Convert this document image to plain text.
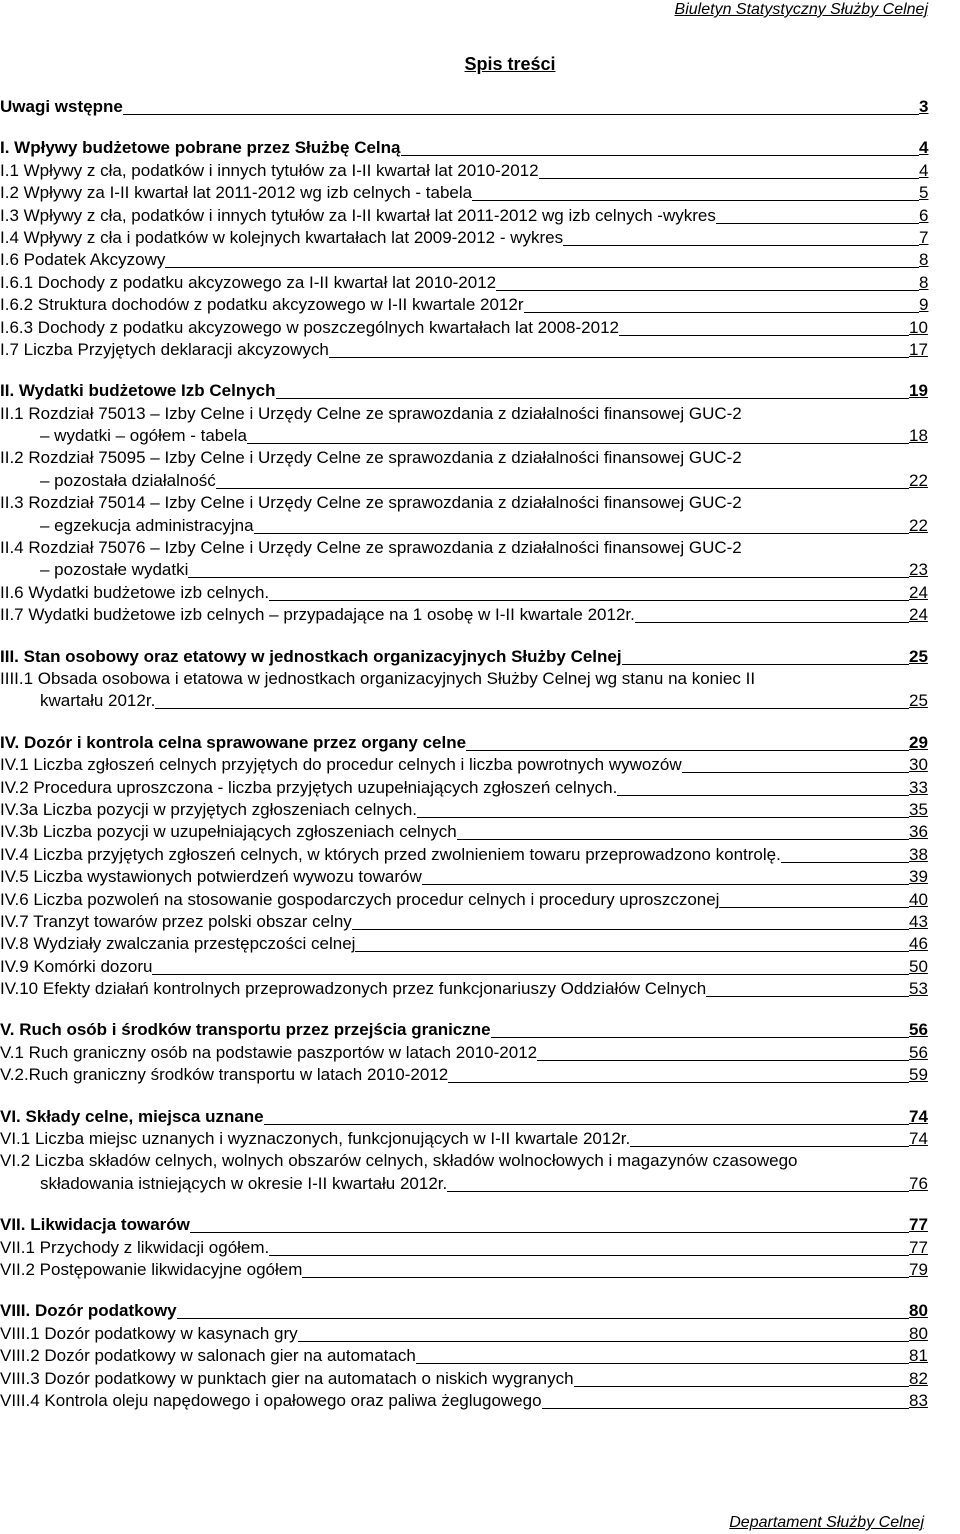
Biuletyn Statystyczny Służby Celnej
Spis treści
Uwagi wstępne	3
I. Wpływy budżetowe pobrane przez Służbę Celną	4
I.1 Wpływy z cła, podatków i innych tytułów za I-II kwartał lat 2010-2012	4
I.2 Wpływy za I-II kwartał lat 2011-2012 wg izb celnych - tabela	5
I.3 Wpływy z cła, podatków i innych tytułów za I-II kwartał lat 2011-2012 wg izb celnych -wykres	6
I.4 Wpływy z cła i podatków w kolejnych kwartałach lat 2009-2012 - wykres	7
I.6 Podatek Akcyzowy	8
I.6.1 Dochody z podatku akcyzowego za I-II kwartał lat 2010-2012	8
I.6.2 Struktura dochodów z podatku akcyzowego w I-II kwartale 2012r	9
I.6.3 Dochody z podatku akcyzowego w poszczególnych kwartałach lat 2008-2012	10
I.7 Liczba Przyjętych deklaracji akcyzowych	17
II. Wydatki budżetowe Izb Celnych	19
II.1 Rozdział 75013 – Izby Celne i Urzędy Celne ze sprawozdania z działalności finansowej GUC-2
– wydatki – ogółem - tabela	18
II.2 Rozdział 75095 – Izby Celne i Urzędy Celne ze sprawozdania z działalności finansowej GUC-2
– pozostała działalność	22
II.3 Rozdział 75014 – Izby Celne i Urzędy Celne ze sprawozdania z działalności finansowej GUC-2
– egzekucja administracyjna	22
II.4 Rozdział 75076 – Izby Celne i Urzędy Celne ze sprawozdania z działalności finansowej GUC-2
– pozostałe wydatki	23
II.6 Wydatki budżetowe izb celnych.	24
II.7 Wydatki budżetowe izb celnych – przypadające na 1 osobę w I-II kwartale 2012r.	24
III. Stan osobowy oraz etatowy w jednostkach organizacyjnych Służby Celnej	25
IIII.1 Obsada osobowa i etatowa w jednostkach organizacyjnych Służby Celnej wg stanu na koniec II
kwartału 2012r.	25
IV. Dozór i kontrola celna sprawowane przez organy celne	29
IV.1 Liczba zgłoszeń celnych przyjętych do procedur celnych i liczba powrotnych wywozów	30
IV.2 Procedura uproszczona - liczba przyjętych uzupełniających zgłoszeń celnych.	33
IV.3a Liczba pozycji w przyjętych zgłoszeniach celnych.	35
IV.3b Liczba pozycji w uzupełniających zgłoszeniach celnych	36
IV.4 Liczba przyjętych zgłoszeń celnych, w których przed zwolnieniem towaru przeprowadzono kontrolę.	38
IV.5 Liczba wystawionych potwierdzeń wywozu towarów	39
IV.6 Liczba pozwoleń na stosowanie gospodarczych procedur celnych i procedury uproszczonej	40
IV.7 Tranzyt towarów przez polski obszar celny	43
IV.8 Wydziały zwalczania przestępczości celnej	46
IV.9 Komórki dozoru	50
IV.10 Efekty działań kontrolnych przeprowadzonych przez funkcjonariuszy Oddziałów Celnych	53
V. Ruch osób i środków transportu przez przejścia graniczne	56
V.1 Ruch graniczny osób na podstawie paszportów w latach 2010-2012	56
V.2.Ruch graniczny środków transportu w latach 2010-2012	59
VI. Składy celne, miejsca uznane	74
VI.1 Liczba miejsc uznanych i wyznaczonych, funkcjonujących w I-II kwartale 2012r.	74
VI.2 Liczba składów celnych, wolnych obszarów celnych, składów wolnocłowych i magazynów czasowego
składowania istniejących w okresie I-II kwartału 2012r.	76
VII. Likwidacja towarów	77
VII.1 Przychody z likwidacji ogółem.	77
VII.2 Postępowanie likwidacyjne ogółem	79
VIII. Dozór podatkowy	80
VIII.1 Dozór podatkowy w kasynach gry	80
VIII.2 Dozór podatkowy w salonach gier na automatach	81
VIII.3 Dozór podatkowy w punktach gier na automatach o niskich wygranych	82
VIII.4 Kontrola oleju napędowego i opałowego oraz paliwa żeglugowego	83
Departament Służby Celnej
